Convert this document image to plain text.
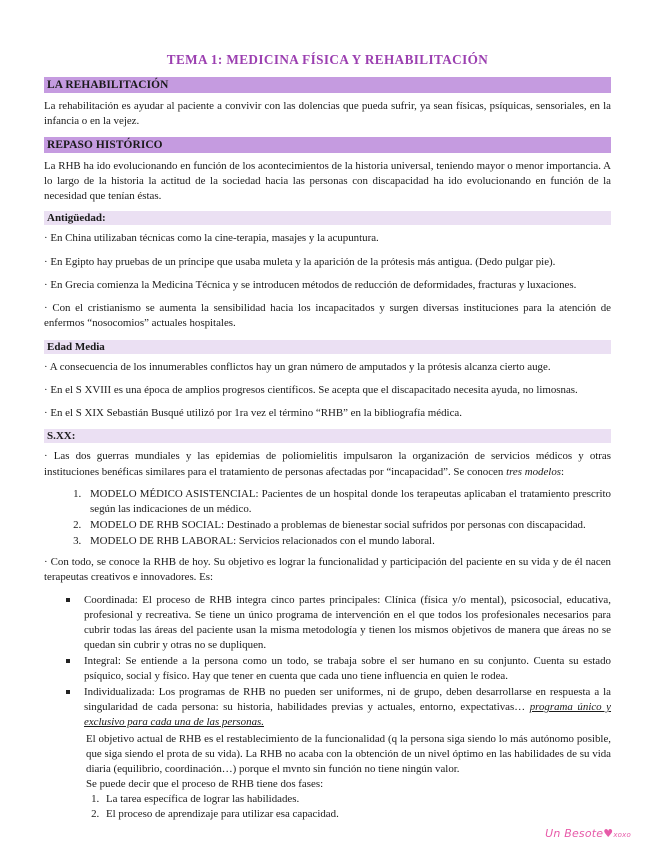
TEMA 1: MEDICINA FÍSICA Y REHABILITACIÓN
LA REHABILITACIÓN

La rehabilitación es ayudar al paciente a convivir con las dolencias que pueda sufrir, ya sean físicas, psíquicas, sensoriales, en la infancia o en la vejez.

REPASO HISTÓRICO

La RHB ha ido evolucionando en función de los acontecimientos de la historia universal, teniendo mayor o menor importancia. A lo largo de la historia la actitud de la sociedad hacia las personas con discapacidad ha ido evolucionando en función de la necesidad que tenían éstas.

Antigüedad:

· En China utilizaban técnicas como la cine-terapia, masajes y la acupuntura.

· En Egipto hay pruebas de un príncipe que usaba muleta y la aparición de la prótesis más antigua. (Dedo pulgar pie).

· En Grecia comienza la Medicina Técnica y se introducen métodos de reducción de deformidades, fracturas y luxaciones.

· Con el cristianismo se aumenta la sensibilidad hacia los incapacitados y surgen diversas instituciones para la atención de enfermos “nosocomios” actuales hospitales.

Edad Media

· A consecuencia de los innumerables conflictos hay un gran número de amputados y la prótesis alcanza cierto auge.

· En el S XVIII es una época de amplios progresos científicos. Se acepta que el discapacitado necesita ayuda, no limosnas.

· En el S XIX Sebastián Busqué utilizó por 1ra vez el término “RHB” en la bibliografía médica.

S.XX:

· Las dos guerras mundiales y las epidemias de poliomielitis impulsaron la organización de servicios médicos y otras instituciones benéficas similares para el tratamiento de personas afectadas por “incapacidad”. Se conocen tres modelos:

1. MODELO MÉDICO ASISTENCIAL: Pacientes de un hospital donde los terapeutas aplicaban el tratamiento prescrito según las indicaciones de un médico.
2. MODELO DE RHB SOCIAL: Destinado a problemas de bienestar social sufridos por personas con discapacidad.
3. MODELO DE RHB LABORAL: Servicios relacionados con el mundo laboral.

· Con todo, se conoce la RHB de hoy. Su objetivo es lograr la funcionalidad y participación del paciente en su vida y de él nacen terapeutas creativos e innovadores. Es:

Coordinada: El proceso de RHB integra cinco partes principales: Clínica (física y/o mental), psicosocial, educativa, profesional y recreativa. Se tiene un único programa de intervención en el que todos los profesionales necesarios para cubrir todas las áreas del paciente usan la misma metodología y tienen los mismos objetivos de manera que áreas no se quedan sin cubrir y otras no se dupliquen.
Integral: Se entiende a la persona como un todo, se trabaja sobre el ser humano en su conjunto. Cuenta su estado psíquico, social y físico. Hay que tener en cuenta que cada uno tiene influencia en quien le rodea.
Individualizada: Los programas de RHB no pueden ser uniformes, ni de grupo, deben desarrollarse en respuesta a la singularidad de cada persona: su historia, habilidades previas y actuales, entorno, expectativas… programa único y exclusivo para cada una de las personas.
El objetivo actual de RHB es el restablecimiento de la funcionalidad (q la persona siga siendo lo más autónomo posible, que siga siendo el prota de su vida). La RHB no acaba con la obtención de un nivel óptimo en las habilidades de su vida diaria (equilibrio, coordinación…) porque el mvnto sin función no tiene ningún valor.
Se puede decir que el proceso de RHB tiene dos fases:
1. La tarea específica de lograr las habilidades.
2. El proceso de aprendizaje para utilizar esa capacidad.
Un Besote♥xoxo
